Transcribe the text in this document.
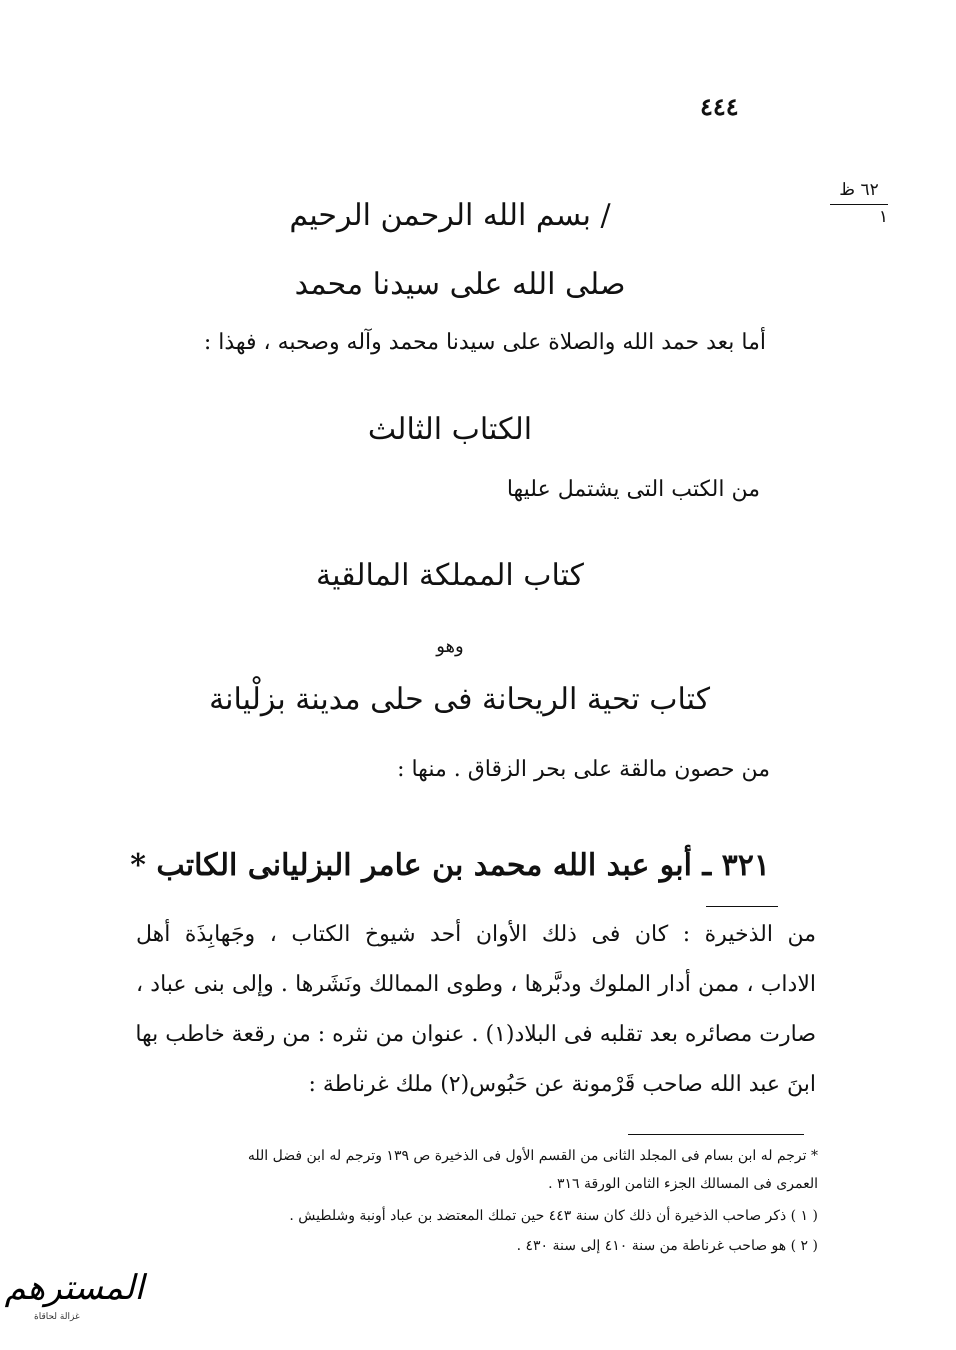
٤٤٤
٦٢ ظ
١
/ بسم الله الرحمن الرحيم
صلى الله على سيدنا محمد
أما بعد حمد الله والصلاة على سيدنا محمد وآله وصحبه ، فهذا :
الكتاب الثالث
من الكتب التى يشتمل عليها
كتاب المملكة المالقية
وهو
كتاب تحية الريحانة فى حلى مدينة بزلْيانة
من حصون مالقة على بحر الزقاق . منها :
٣٢١ ـ أبو عبد الله محمد بن عامر البزليانى الكاتب *
من الذخيرة : كان فى ذلك الأوان أحد شيوخ الكتاب ، وجَهابِذَة أهل
الاداب ، ممن أدار الملوك ودبَّرها ، وطوى الممالك ونَشَرها . وإلى بنى عباد ،
صارت مصائره بعد تقلبه فى البلاد(١) . عنوان من نثره : من رقعة خاطب بها
ابنَ عبد الله صاحب قَرْمونة عن حَبُوس(٢) ملك غرناطة :
* ترجم له ابن بسام فى المجلد الثانى من القسم الأول فى الذخيرة ص ١٣٩ وترجم له ابن فضل الله
العمرى فى المسالك الجزء الثامن الورقة ٣١٦ .
( ١ ) ذكر صاحب الذخيرة أن ذلك كان سنة ٤٤٣ حين تملك المعتضد بن عباد أونبة وشلطيش .
( ٢ ) هو صاحب غرناطة من سنة ٤١٠ إلى سنة ٤٣٠ .
المسترهم
غزالة لحاقاة
